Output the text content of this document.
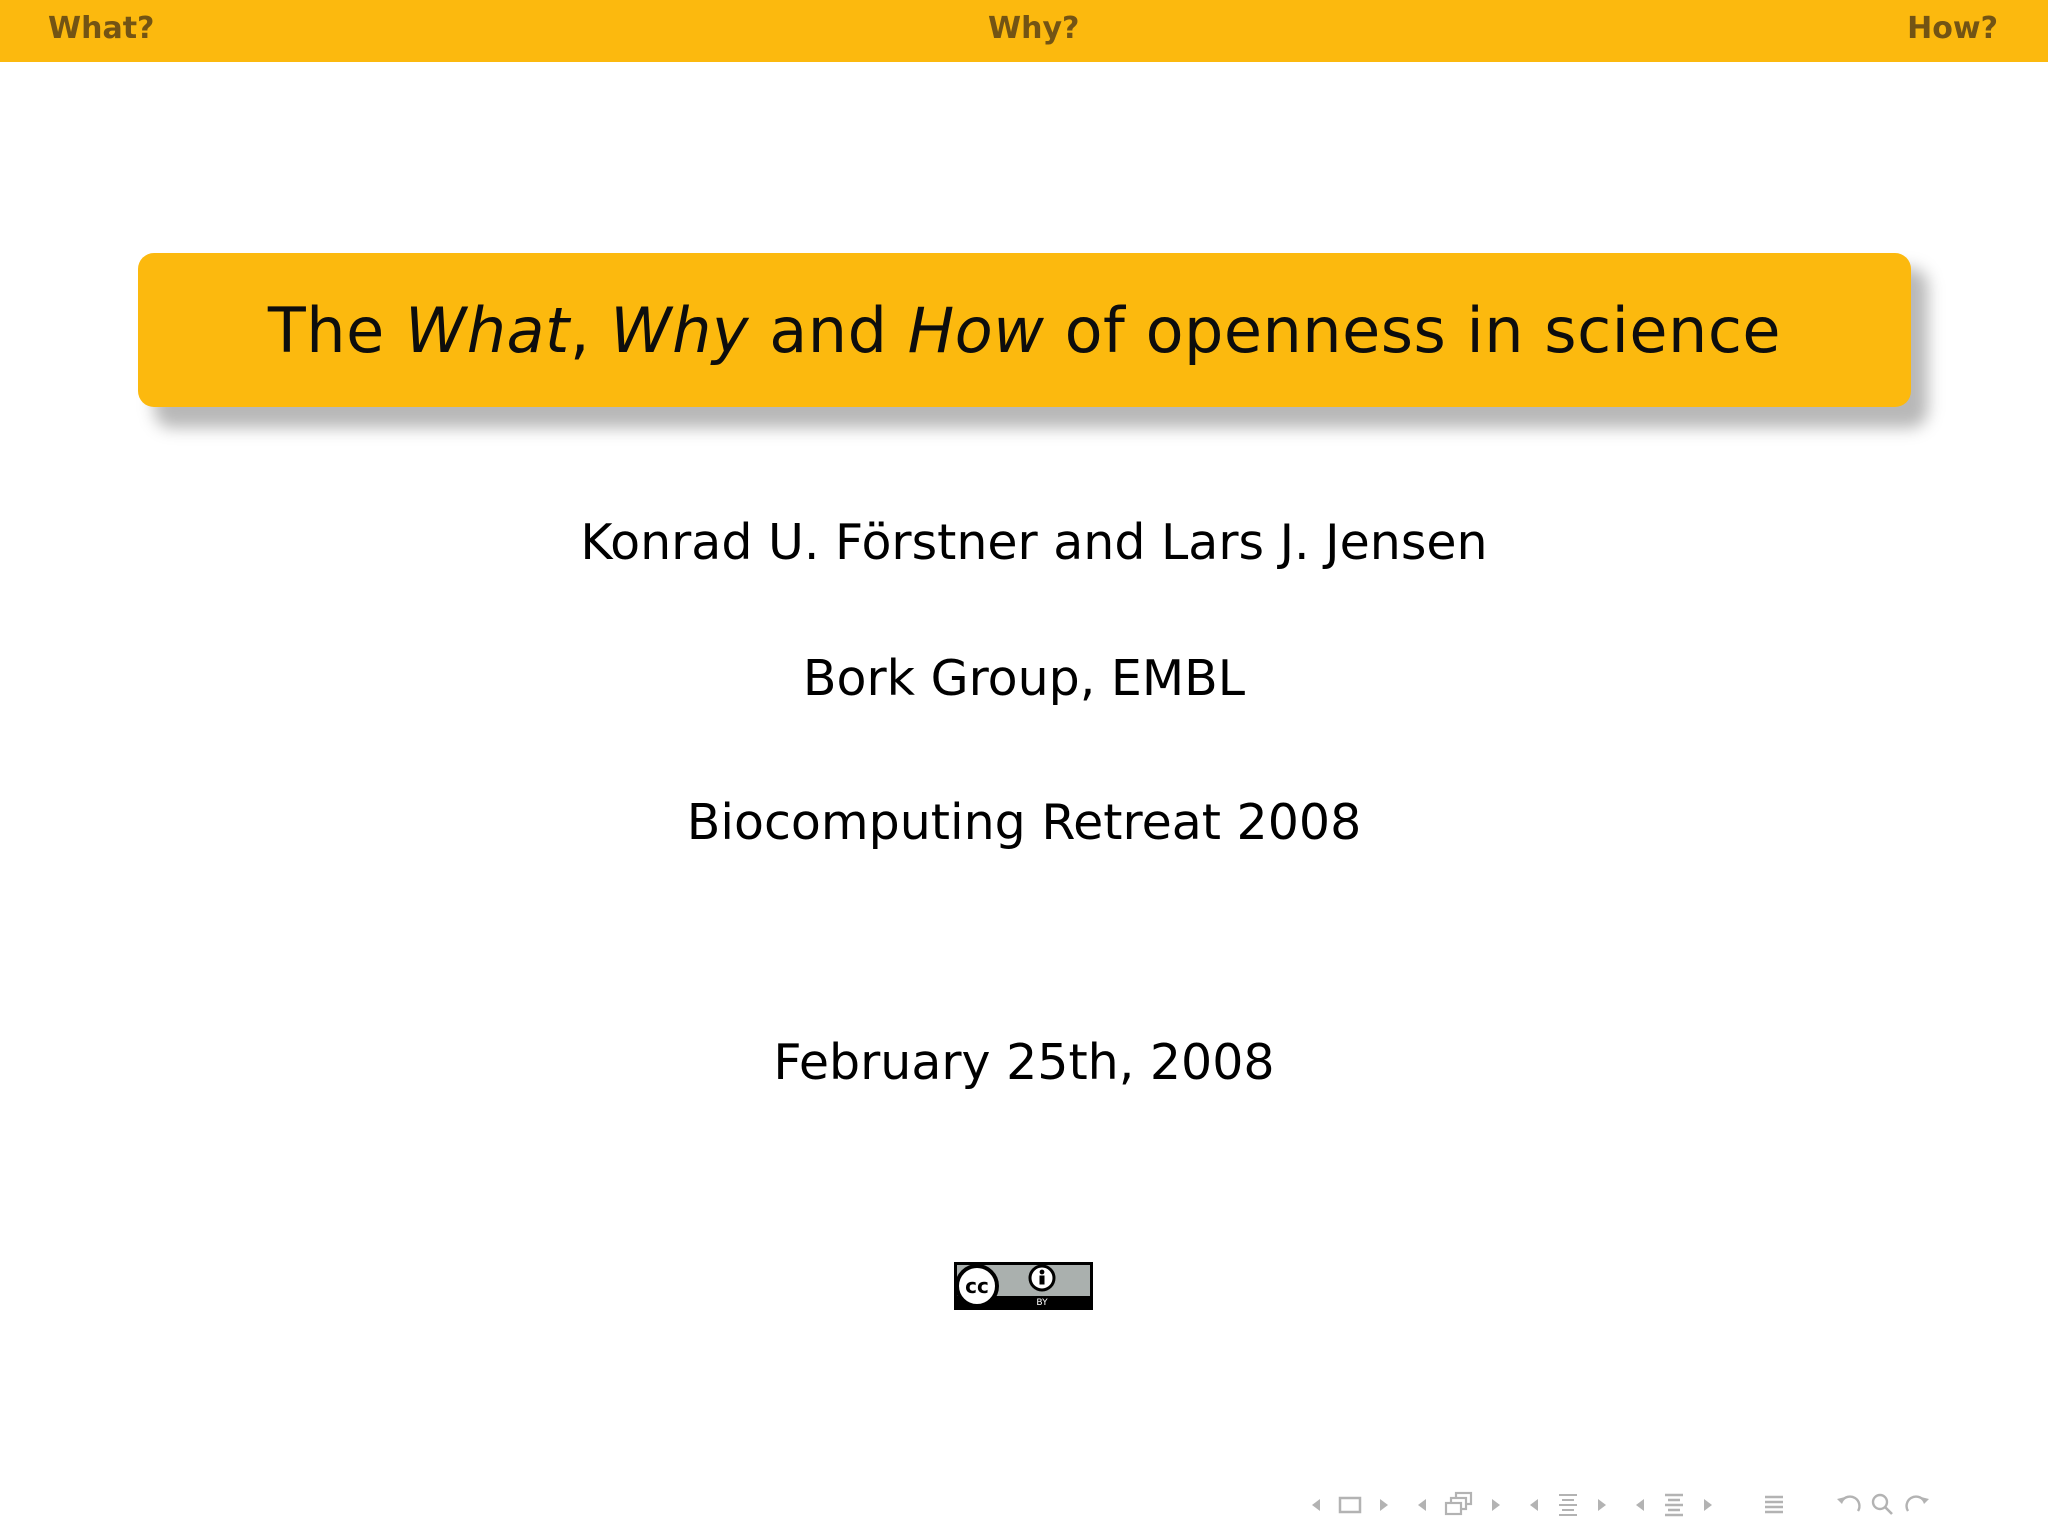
What?	Why?	How?
The What, Why and How of openness in science
Konrad U. Förstner and Lars J. Jensen
Bork Group, EMBL
Biocomputing Retreat 2008
February 25th, 2008
cc
BY
